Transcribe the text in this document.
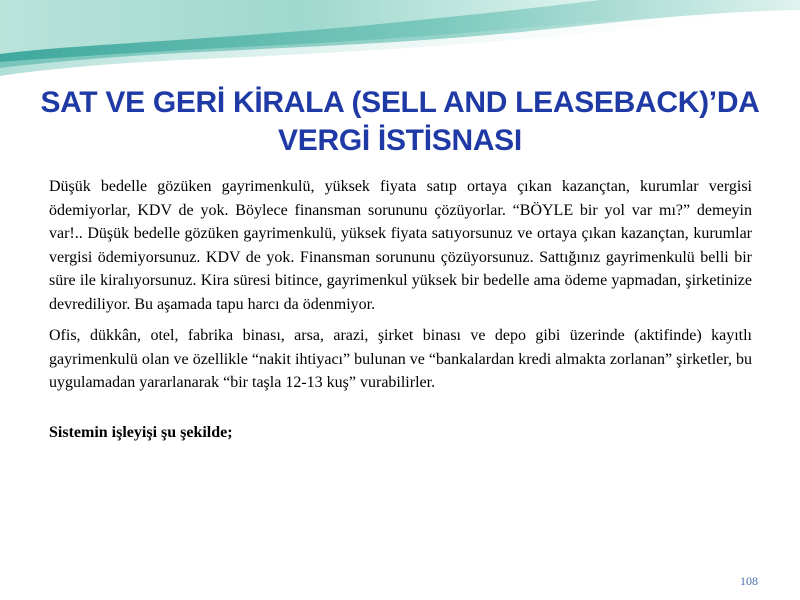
SAT VE GERİ KİRALA (SELL AND LEASEBACK)’DA VERGİ İSTİSNASI

Düşük bedelle gözüken gayrimenkulü, yüksek fiyata satıp ortaya çıkan kazançtan, kurumlar vergisi ödemiyorlar, KDV de yok. Böylece finansman sorununu çözüyorlar. “BÖYLE bir yol var mı?” demeyin var!.. Düşük bedelle gözüken gayrimenkulü, yüksek fiyata satıyorsunuz ve ortaya çıkan kazançtan, kurumlar vergisi ödemiyorsunuz. KDV de yok. Finansman sorununu çözüyorsunuz. Sattığınız gayrimenkulü belli bir süre ile kiralıyorsunuz. Kira süresi bitince, gayrimenkul yüksek bir bedelle ama ödeme yapmadan, şirketinize devrediliyor. Bu aşamada tapu harcı da ödenmiyor.

Ofis, dükkân, otel, fabrika binası, arsa, arazi, şirket binası ve depo gibi üzerinde (aktifinde) kayıtlı gayrimenkulü olan ve özellikle “nakit ihtiyacı” bulunan ve “bankalardan kredi almakta zorlanan” şirketler, bu uygulamadan yararlanarak “bir taşla 12-13 kuş” vurabilirler.

Sistemin işleyişi şu şekilde;

108
